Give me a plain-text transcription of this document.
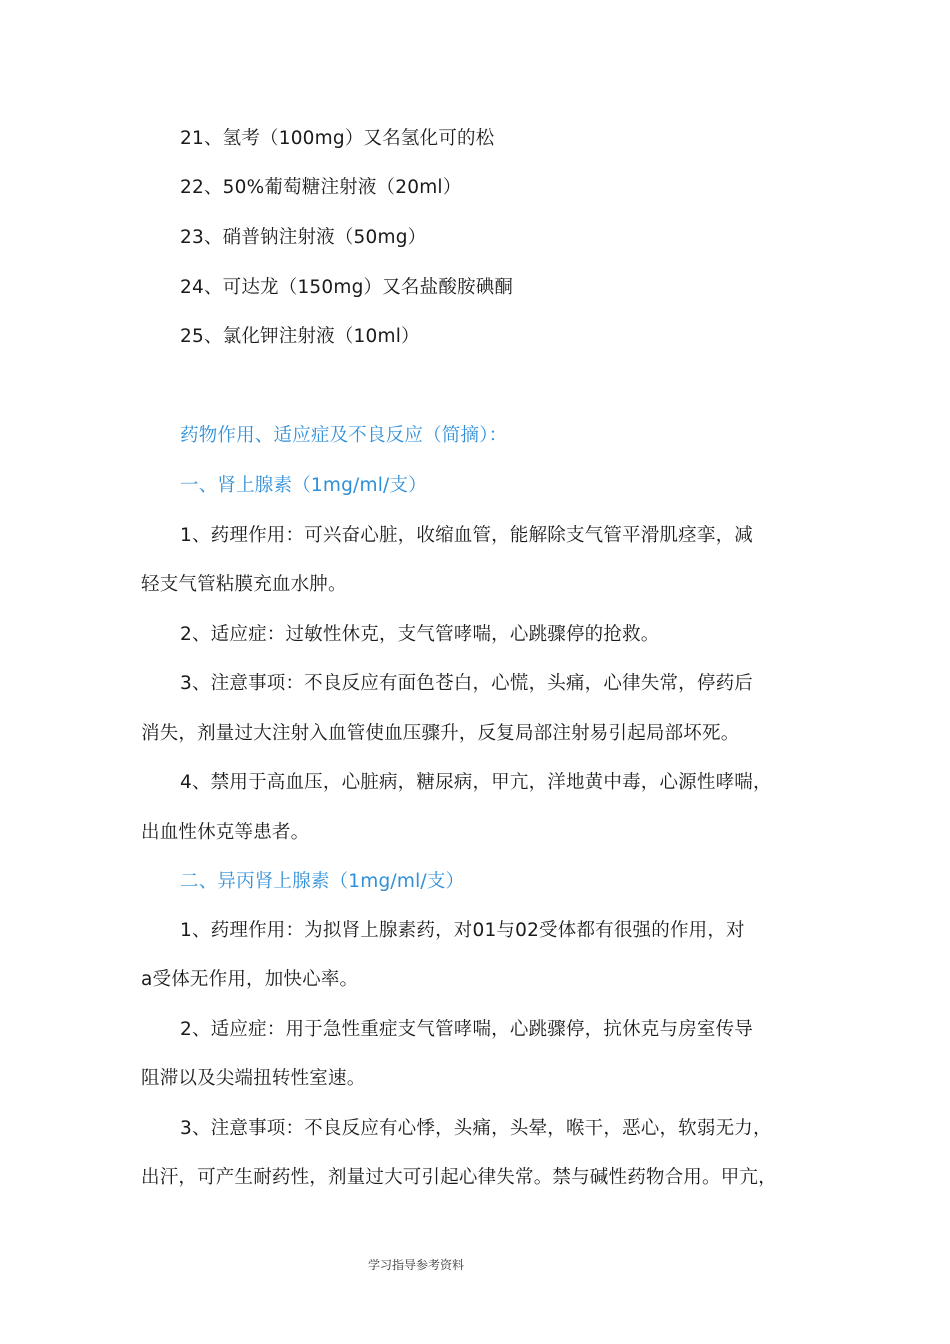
21、氢考（100mg）又名氢化可的松
22、50%葡萄糖注射液（20ml）
23、硝普钠注射液（50mg）
24、可达龙（150mg）又名盐酸胺碘酮
25、氯化钾注射液（10ml）
药物作用、适应症及不良反应（简摘）：
一、肾上腺素（1mg/ml/支）
1、药理作用：可兴奋心脏，收缩血管，能解除支气管平滑肌痉挛，减
轻支气管粘膜充血水肿。
2、适应症：过敏性休克，支气管哮喘，心跳骤停的抢救。
3、注意事项：不良反应有面色苍白，心慌，头痛，心律失常，停药后
消失，剂量过大注射入血管使血压骤升，反复局部注射易引起局部坏死。
4、禁用于高血压，心脏病，糖尿病，甲亢，洋地黄中毒，心源性哮喘，
出血性休克等患者。
二、异丙肾上腺素（1mg/ml/支）
1、药理作用：为拟肾上腺素药，对01与02受体都有很强的作用，对
a受体无作用，加快心率。
2、适应症：用于急性重症支气管哮喘，心跳骤停，抗休克与房室传导
阻滞以及尖端扭转性室速。
3、注意事项：不良反应有心悸，头痛，头晕，喉干，恶心，软弱无力，
出汗，可产生耐药性，剂量过大可引起心律失常。禁与碱性药物合用。甲亢，
学习指导参考资料
